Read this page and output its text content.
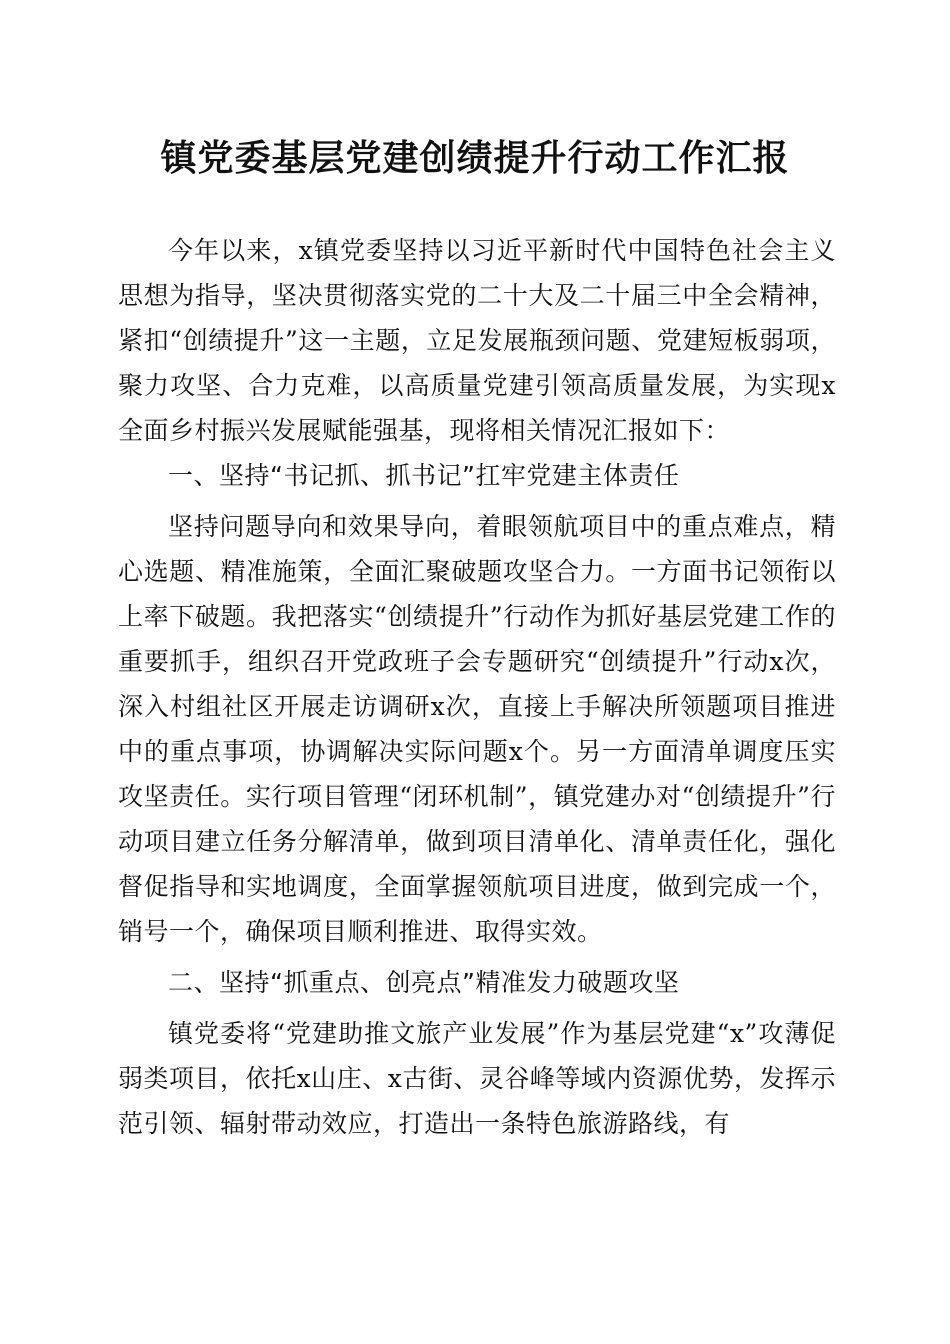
镇党委基层党建创绩提升行动工作汇报

今年以来，x镇党委坚持以习近平新时代中国特色社会主义思想为指导，坚决贯彻落实党的二十大及二十届三中全会精神，紧扣“创绩提升”这一主题，立足发展瓶颈问题、党建短板弱项，聚力攻坚、合力克难，以高质量党建引领高质量发展，为实现x全面乡村振兴发展赋能强基，现将相关情况汇报如下：

一、坚持“书记抓、抓书记”扛牢党建主体责任

坚持问题导向和效果导向，着眼领航项目中的重点难点，精心选题、精准施策，全面汇聚破题攻坚合力。一方面书记领衔以上率下破题。我把落实“创绩提升”行动作为抓好基层党建工作的重要抓手，组织召开党政班子会专题研究“创绩提升”行动x次，深入村组社区开展走访调研x次，直接上手解决所领题项目推进中的重点事项，协调解决实际问题x个。另一方面清单调度压实攻坚责任。实行项目管理“闭环机制”，镇党建办对“创绩提升”行动项目建立任务分解清单，做到项目清单化、清单责任化，强化督促指导和实地调度，全面掌握领航项目进度，做到完成一个，销号一个，确保项目顺利推进、取得实效。

二、坚持“抓重点、创亮点”精准发力破题攻坚

镇党委将“党建助推文旅产业发展”作为基层党建“x”攻薄促弱类项目，依托x山庄、x古街、灵谷峰等域内资源优势，发挥示范引领、辐射带动效应，打造出一条特色旅游路线，有
